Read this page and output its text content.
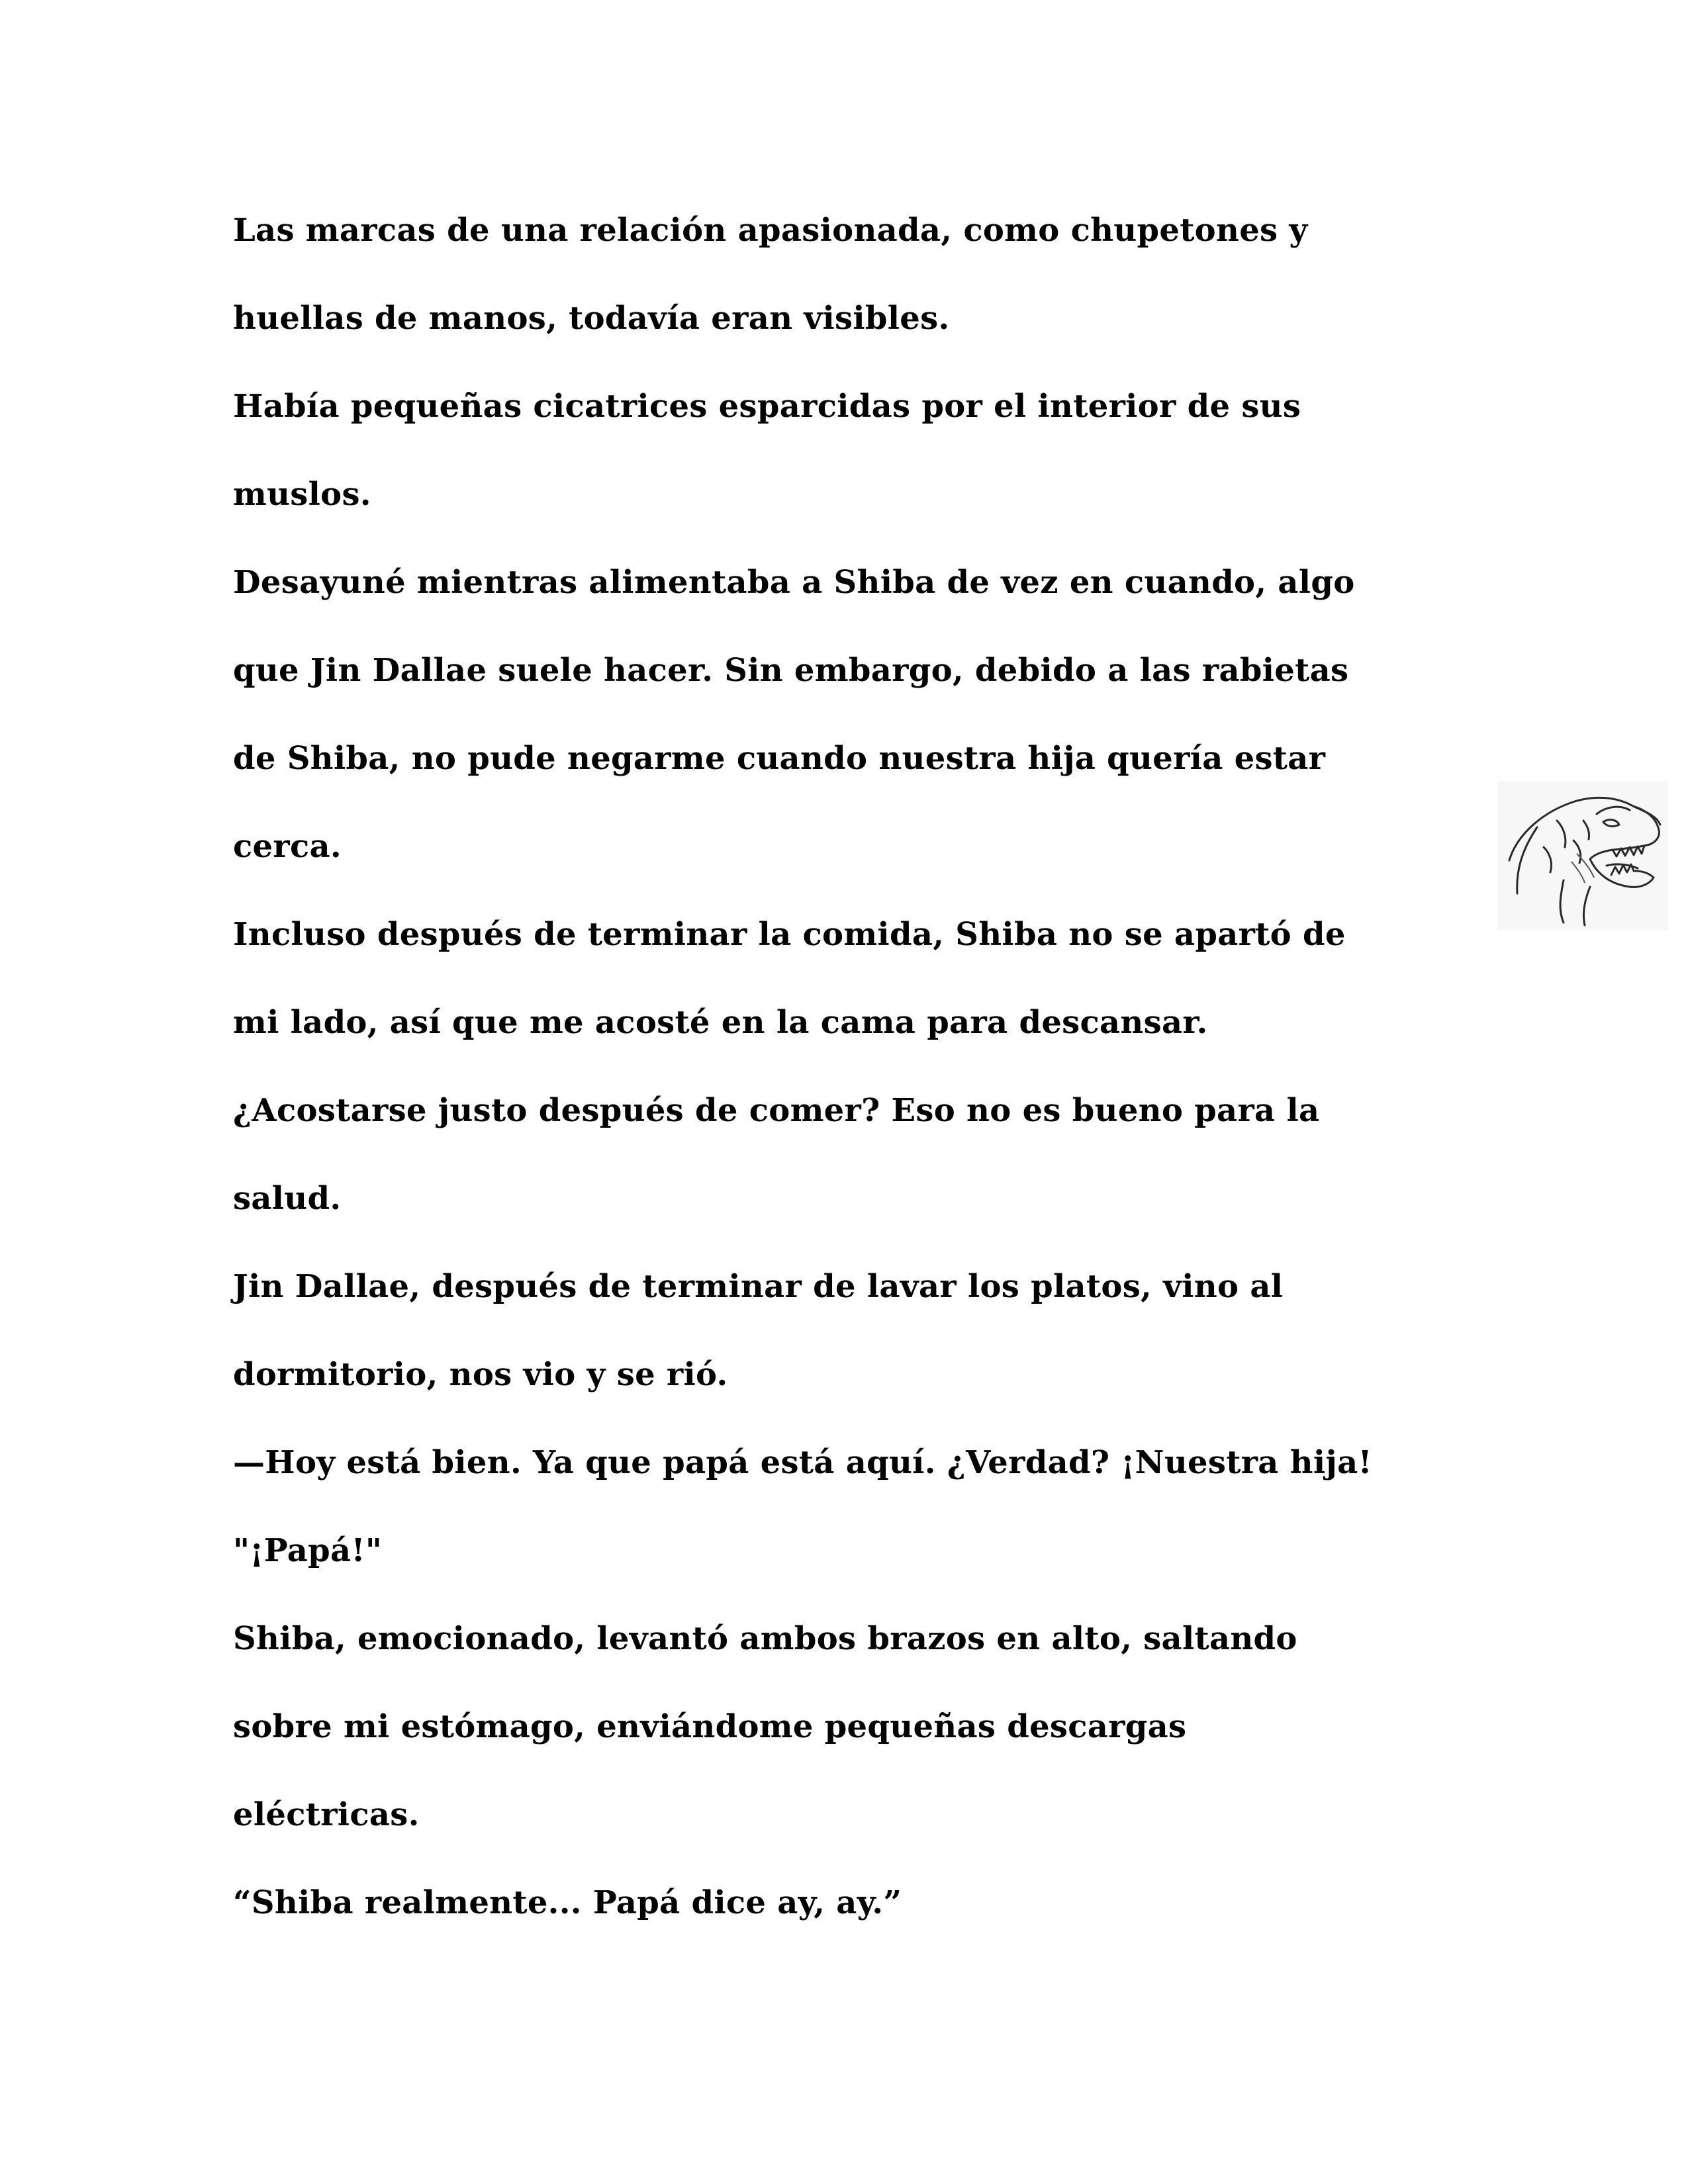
Las marcas de una relación apasionada, como chupetones y

huellas de manos, todavía eran visibles.

Había pequeñas cicatrices esparcidas por el interior de sus

muslos.

Desayuné mientras alimentaba a Shiba de vez en cuando, algo

que Jin Dallae suele hacer. Sin embargo, debido a las rabietas

de Shiba, no pude negarme cuando nuestra hija quería estar

cerca.

Incluso después de terminar la comida, Shiba no se apartó de

mi lado, así que me acosté en la cama para descansar.

¿Acostarse justo después de comer? Eso no es bueno para la

salud.

Jin Dallae, después de terminar de lavar los platos, vino al

dormitorio, nos vio y se rió.

—Hoy está bien. Ya que papá está aquí. ¿Verdad? ¡Nuestra hija!

"¡Papá!"

Shiba, emocionado, levantó ambos brazos en alto, saltando

sobre mi estómago, enviándome pequeñas descargas

eléctricas.

“Shiba realmente... Papá dice ay, ay.”
